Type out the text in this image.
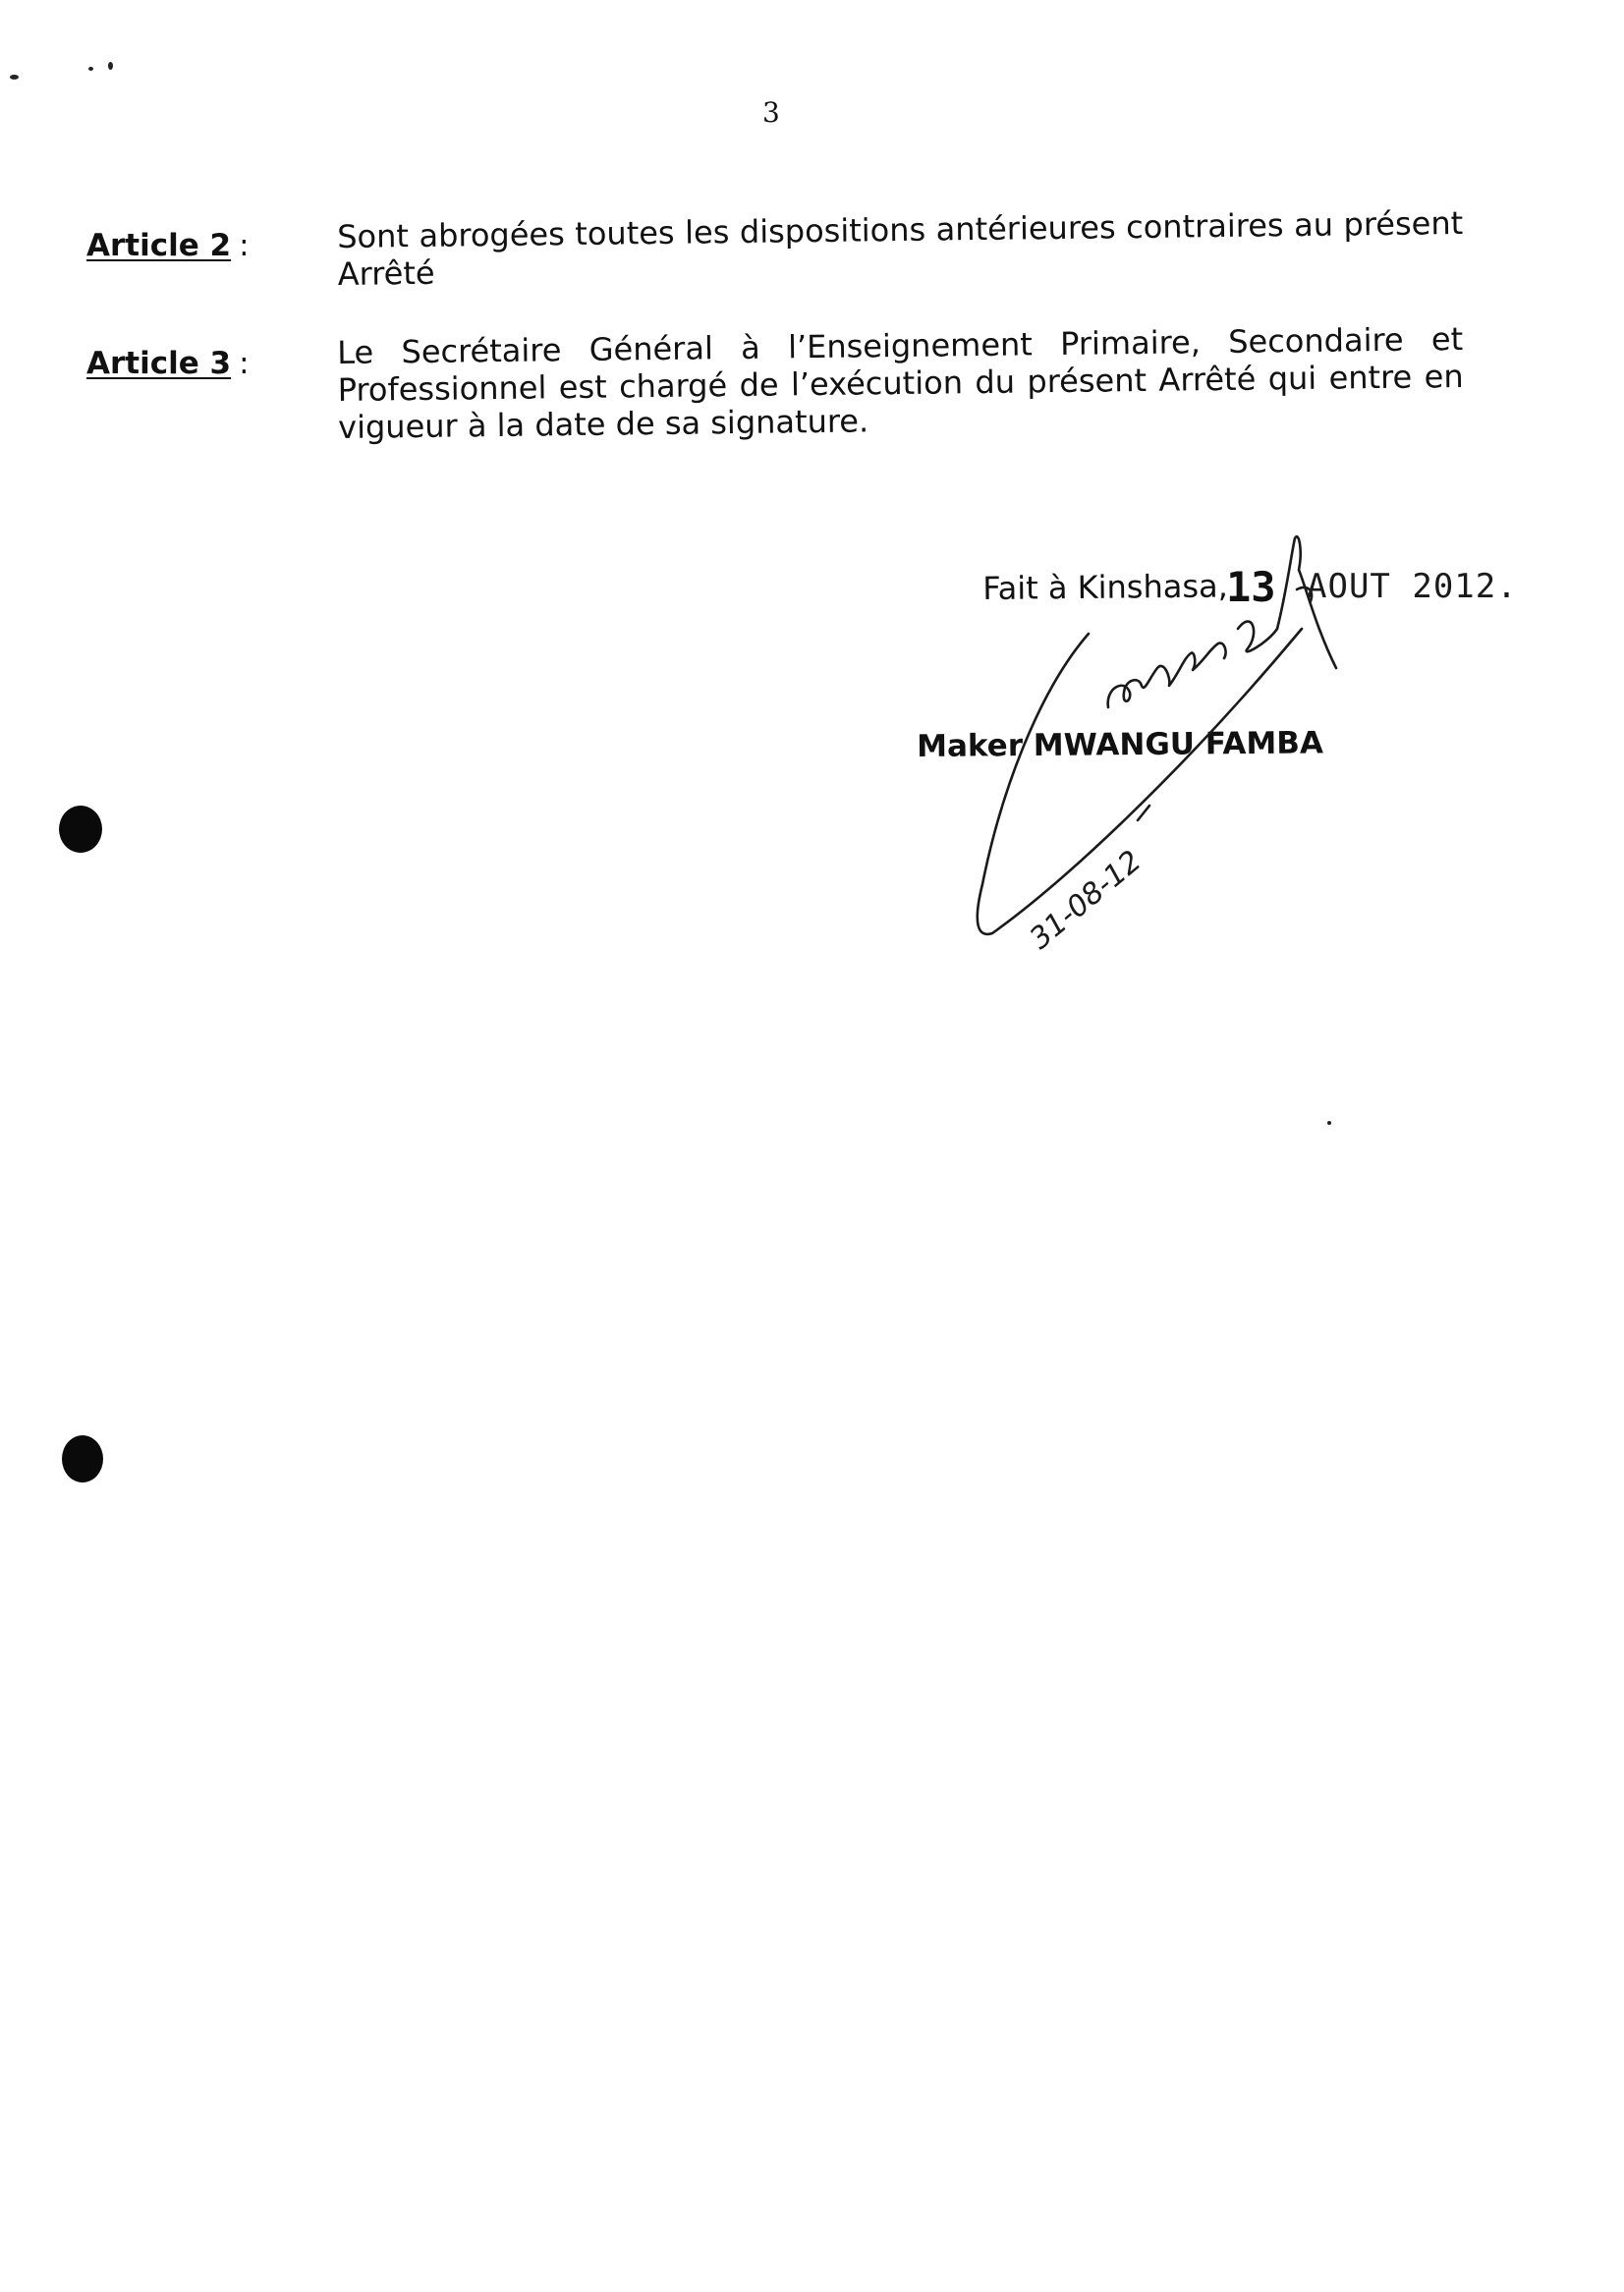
3
Article 2 :	Sont abrogées toutes les dispositions antérieures contraires au présent Arrêté
Article 3 :	Le Secrétaire Général à l’Enseignement Primaire, Secondaire et Professionnel est chargé de l’exécution du présent Arrêté qui entre en vigueur à la date de sa signature.
Fait à Kinshasa,
13 AOUT 2012.
Maker MWANGU FAMBA
31-08-12
